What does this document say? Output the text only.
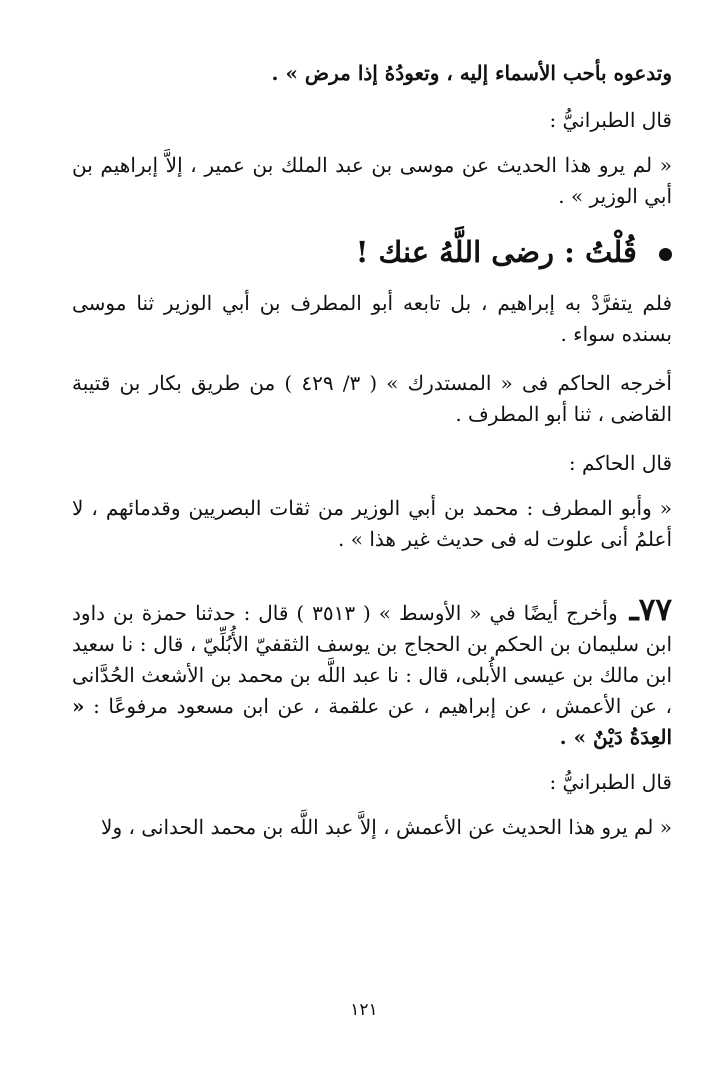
وتدعوه بأحب الأسماء إليه ، وتعودُهُ إذا مرض » .

قال الطبرانيُّ :

« لم يرو هذا الحديث عن موسى بن عبد الملك بن عمير ، إلاَّ إبراهيم بن أبي الوزير » .

قُلْتُ : رضى اللَّهُ عنك !

فلم يتفرَّدْ به إبراهيم ، بل تابعه أبو المطرف بن أبي الوزير ثنا موسى بسنده سواء .

أخرجه الحاكم فى « المستدرك » ( ٣/ ٤٢٩ ) من طريق بكار بن قتيبة القاضى ، ثنا أبو المطرف .

قال الحاكم :

« وأبو المطرف : محمد بن أبي الوزير من ثقات البصريين وقدمائهم ، لا أعلمُ أنى علوت له فى حديث غير هذا » .

٧٧ـ وأخرج أيضًا في « الأوسط » ( ٣٥١٣ ) قال : حدثنا حمزة بن داود ابن سليمان بن الحكم بن الحجاج بن يوسف الثقفيّ الأُبُلِّيّ ، قال : نا سعيد ابن مالك بن عيسى الأُبلى، قال : نا عبد اللَّه بن محمد بن الأشعث الحُدَّانى ، عن الأعمش ، عن إبراهيم ، عن علقمة ، عن ابن مسعود مرفوعًا : « العِدَةُ دَيْنٌ » .

قال الطبرانيُّ :

« لم يرو هذا الحديث عن الأعمش ، إلاَّ عبد اللَّه بن محمد الحدانى ، ولا

١٢١
